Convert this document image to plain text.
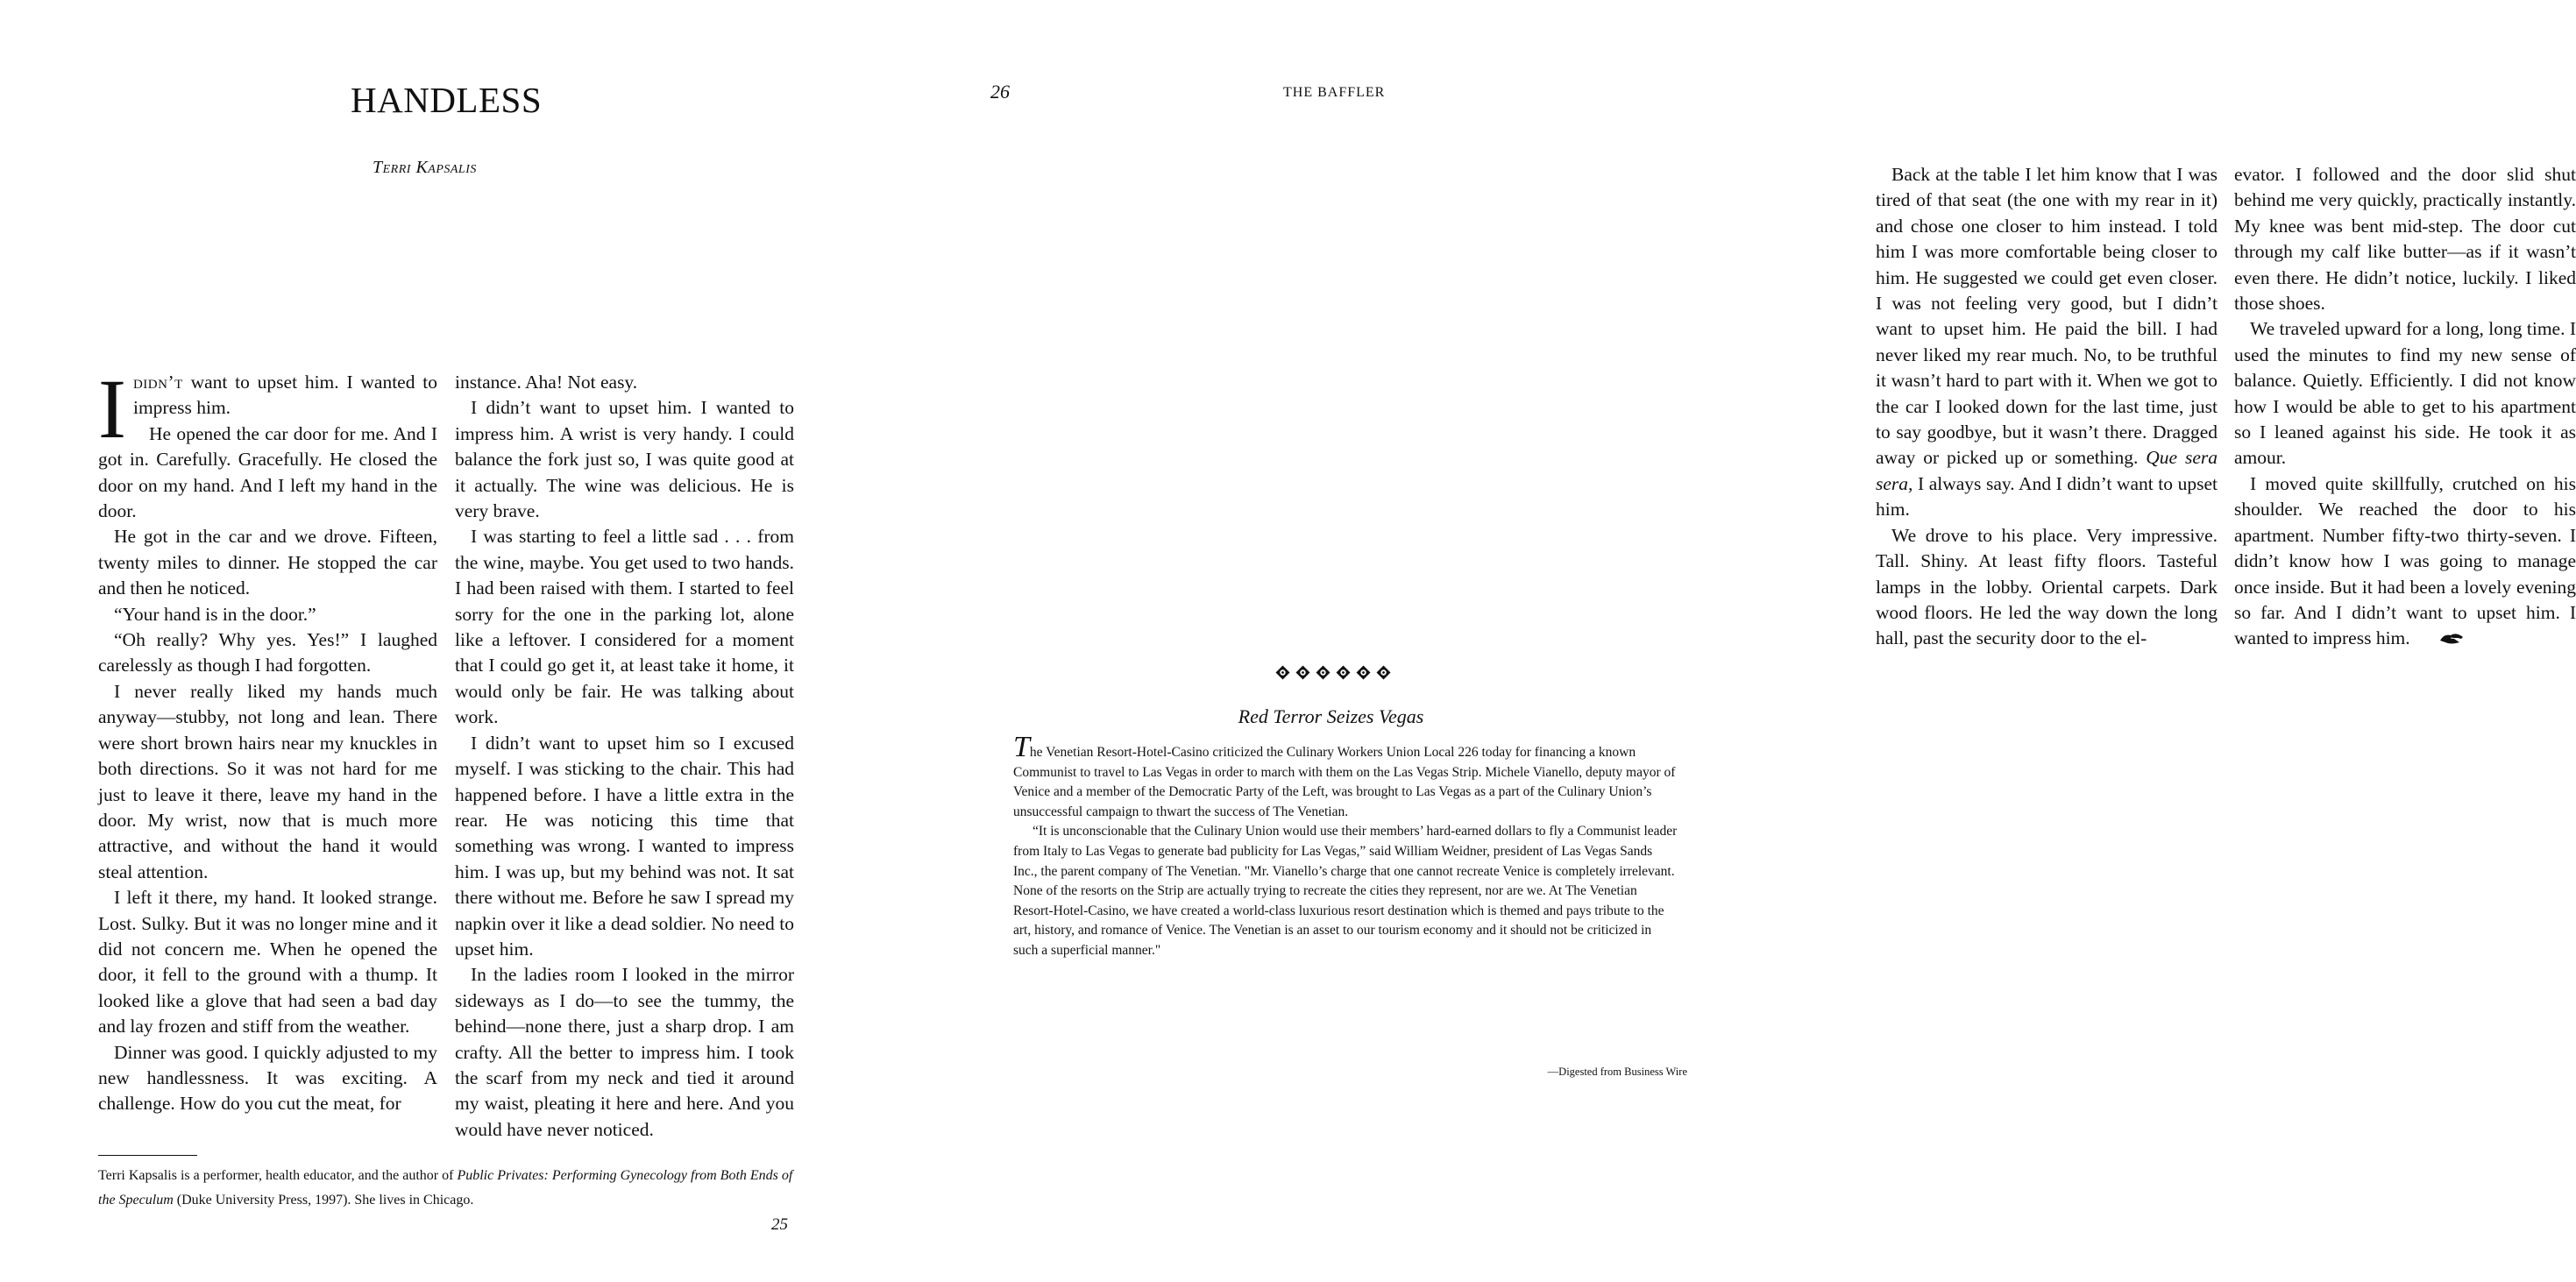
HANDLESS
Terri Kapsalis

Ididn’t want to upset him. I wanted to impress him.

He opened the car door for me. And I got in. Carefully. Gracefully. He closed the door on my hand. And I left my hand in the door.

He got in the car and we drove. Fifteen, twenty miles to dinner. He stopped the car and then he noticed.

“Your hand is in the door.”

“Oh really? Why yes. Yes!” I laughed carelessly as though I had forgotten.

I never really liked my hands much anyway—stubby, not long and lean. There were short brown hairs near my knuckles in both directions. So it was not hard for me just to leave it there, leave my hand in the door. My wrist, now that is much more attractive, and without the hand it would steal attention.

I left it there, my hand. It looked strange. Lost. Sulky. But it was no longer mine and it did not concern me. When he opened the door, it fell to the ground with a thump. It looked like a glove that had seen a bad day and lay frozen and stiff from the weather.

Dinner was good. I quickly adjusted to my new handlessness. It was exciting. A challenge. How do you cut the meat, for

instance. Aha! Not easy.

I didn’t want to upset him. I wanted to impress him. A wrist is very handy. I could balance the fork just so, I was quite good at it actually. The wine was delicious. He is very brave.

I was starting to feel a little sad . . . from the wine, maybe. You get used to two hands. I had been raised with them. I started to feel sorry for the one in the parking lot, alone like a leftover. I considered for a moment that I could go get it, at least take it home, it would only be fair. He was talking about work.

I didn’t want to upset him so I excused myself. I was sticking to the chair. This had happened before. I have a little extra in the rear. He was noticing this time that something was wrong. I wanted to impress him. I was up, but my behind was not. It sat there without me. Before he saw I spread my napkin over it like a dead soldier. No need to upset him.

In the ladies room I looked in the mirror sideways as I do—to see the tummy, the behind—none there, just a sharp drop. I am crafty. All the better to impress him. I took the scarf from my neck and tied it around my waist, pleating it here and here. And you would have never noticed.

Terri Kapsalis is a performer, health educator, and the author of Public Privates: Performing Gynecology from Both Ends of the Speculum (Duke University Press, 1997). She lives in Chicago.
25
26	THE BAFFLER

Back at the table I let him know that I was tired of that seat (the one with my rear in it) and chose one closer to him instead. I told him I was more comfortable being closer to him. He suggested we could get even closer. I was not feeling very good, but I didn’t want to upset him. He paid the bill. I had never liked my rear much. No, to be truthful it wasn’t hard to part with it. When we got to the car I looked down for the last time, just to say goodbye, but it wasn’t there. Dragged away or picked up or something. Que sera sera, I always say. And I didn’t want to upset him.

We drove to his place. Very impressive. Tall. Shiny. At least fifty floors. Tasteful lamps in the lobby. Oriental carpets. Dark wood floors. He led the way down the long hall, past the security door to the el-

evator. I followed and the door slid shut behind me very quickly, practically instantly. My knee was bent mid-step. The door cut through my calf like butter—as if it wasn’t even there. He didn’t notice, luckily. I liked those shoes.

We traveled upward for a long, long time. I used the minutes to find my new sense of balance. Quietly. Efficiently. I did not know how I would be able to get to his apartment so I leaned against his side. He took it as amour.

I moved quite skillfully, crutched on his shoulder. We reached the door to his apartment. Number fifty-two thirty-seven. I didn’t know how I was going to manage once inside. But it had been a lovely evening so far. And I didn’t want to upset him. I wanted to impress him.

Red Terror Seizes Vegas

The Venetian Resort-Hotel-Casino criticized the Culinary Workers Union Local 226 today for financing a known Communist to travel to Las Vegas in order to march with them on the Las Vegas Strip. Michele Vianello, deputy mayor of Venice and a member of the Democratic Party of the Left, was brought to Las Vegas as a part of the Culinary Union’s unsuccessful campaign to thwart the success of The Venetian.

“It is unconscionable that the Culinary Union would use their members’ hard-earned dollars to fly a Communist leader from Italy to Las Vegas to generate bad publicity for Las Vegas,” said William Weidner, president of Las Vegas Sands Inc., the parent company of The Venetian. "Mr. Vianello’s charge that one cannot recreate Venice is completely irrelevant. None of the resorts on the Strip are actually trying to recreate the cities they represent, nor are we. At The Venetian Resort-Hotel-Casino, we have created a world-class luxurious resort destination which is themed and pays tribute to the art, history, and romance of Venice. The Venetian is an asset to our tourism economy and it should not be criticized in such a superficial manner."

—Digested from Business Wire
